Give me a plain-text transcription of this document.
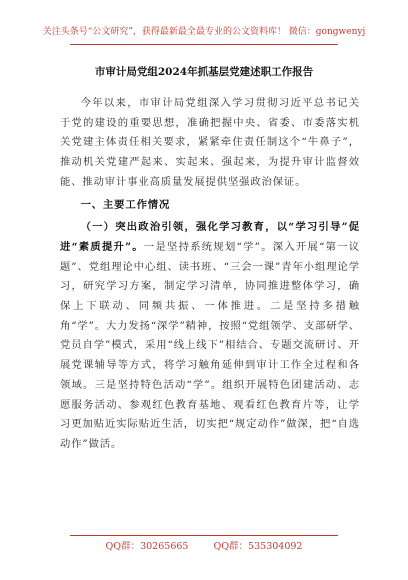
关注头条号“公文研究”，获得最新最全最专业的公文资料库！ 微信：gongwenyj
市审计局党组2024年抓基层党建述职工作报告

今年以来，市审计局党组深入学习贯彻习近平总书记关于党的建设的重要思想，准确把握中央、省委、市委落实机关党建主体责任相关要求，紧紧牵住责任制这个“牛鼻子”，推动机关党建严起来、实起来、强起来，为提升审计监督效能、推动审计事业高质量发展提供坚强政治保证。

一、主要工作情况

（一）突出政治引领，强化学习教育，以“学习引导”促进“素质提升”。一是坚持系统规划“学”。深入开展“第一议题”、党组理论中心组、读书班、“三会一课”青年小组理论学习，研究学习方案，制定学习清单，协同推进整体学习，确保上下联动、同频共振、一体推进。二是坚持多措触角“学”。大力发扬“深学”精神，按照“党组领学、支部研学、党员自学”模式，采用“线上线下”相结合、专题交流研讨、开展党课辅导等方式，将学习触角延伸到审计工作全过程和各领域。三是坚持特色活动“学”。组织开展特色团建活动、志愿服务活动、参观红色教育基地、观看红色教育片等，让学习更加贴近实际贴近生活，切实把“规定动作”做深，把“自选动作”做活。

QQ群：30265665	QQ群：535304092
